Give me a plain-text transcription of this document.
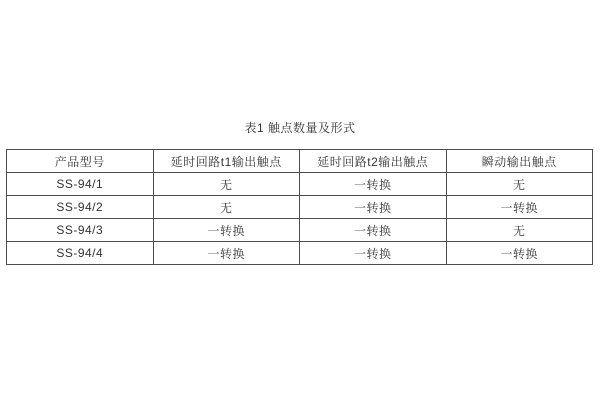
表1 触点数量及形式
产品型号	延时回路t1输出触点	延时回路t2输出触点	瞬动输出触点
SS-94/1	无	一转换	无
SS-94/2	无	一转换	一转换
SS-94/3	一转换	一转换	无
SS-94/4	一转换	一转换	一转换
